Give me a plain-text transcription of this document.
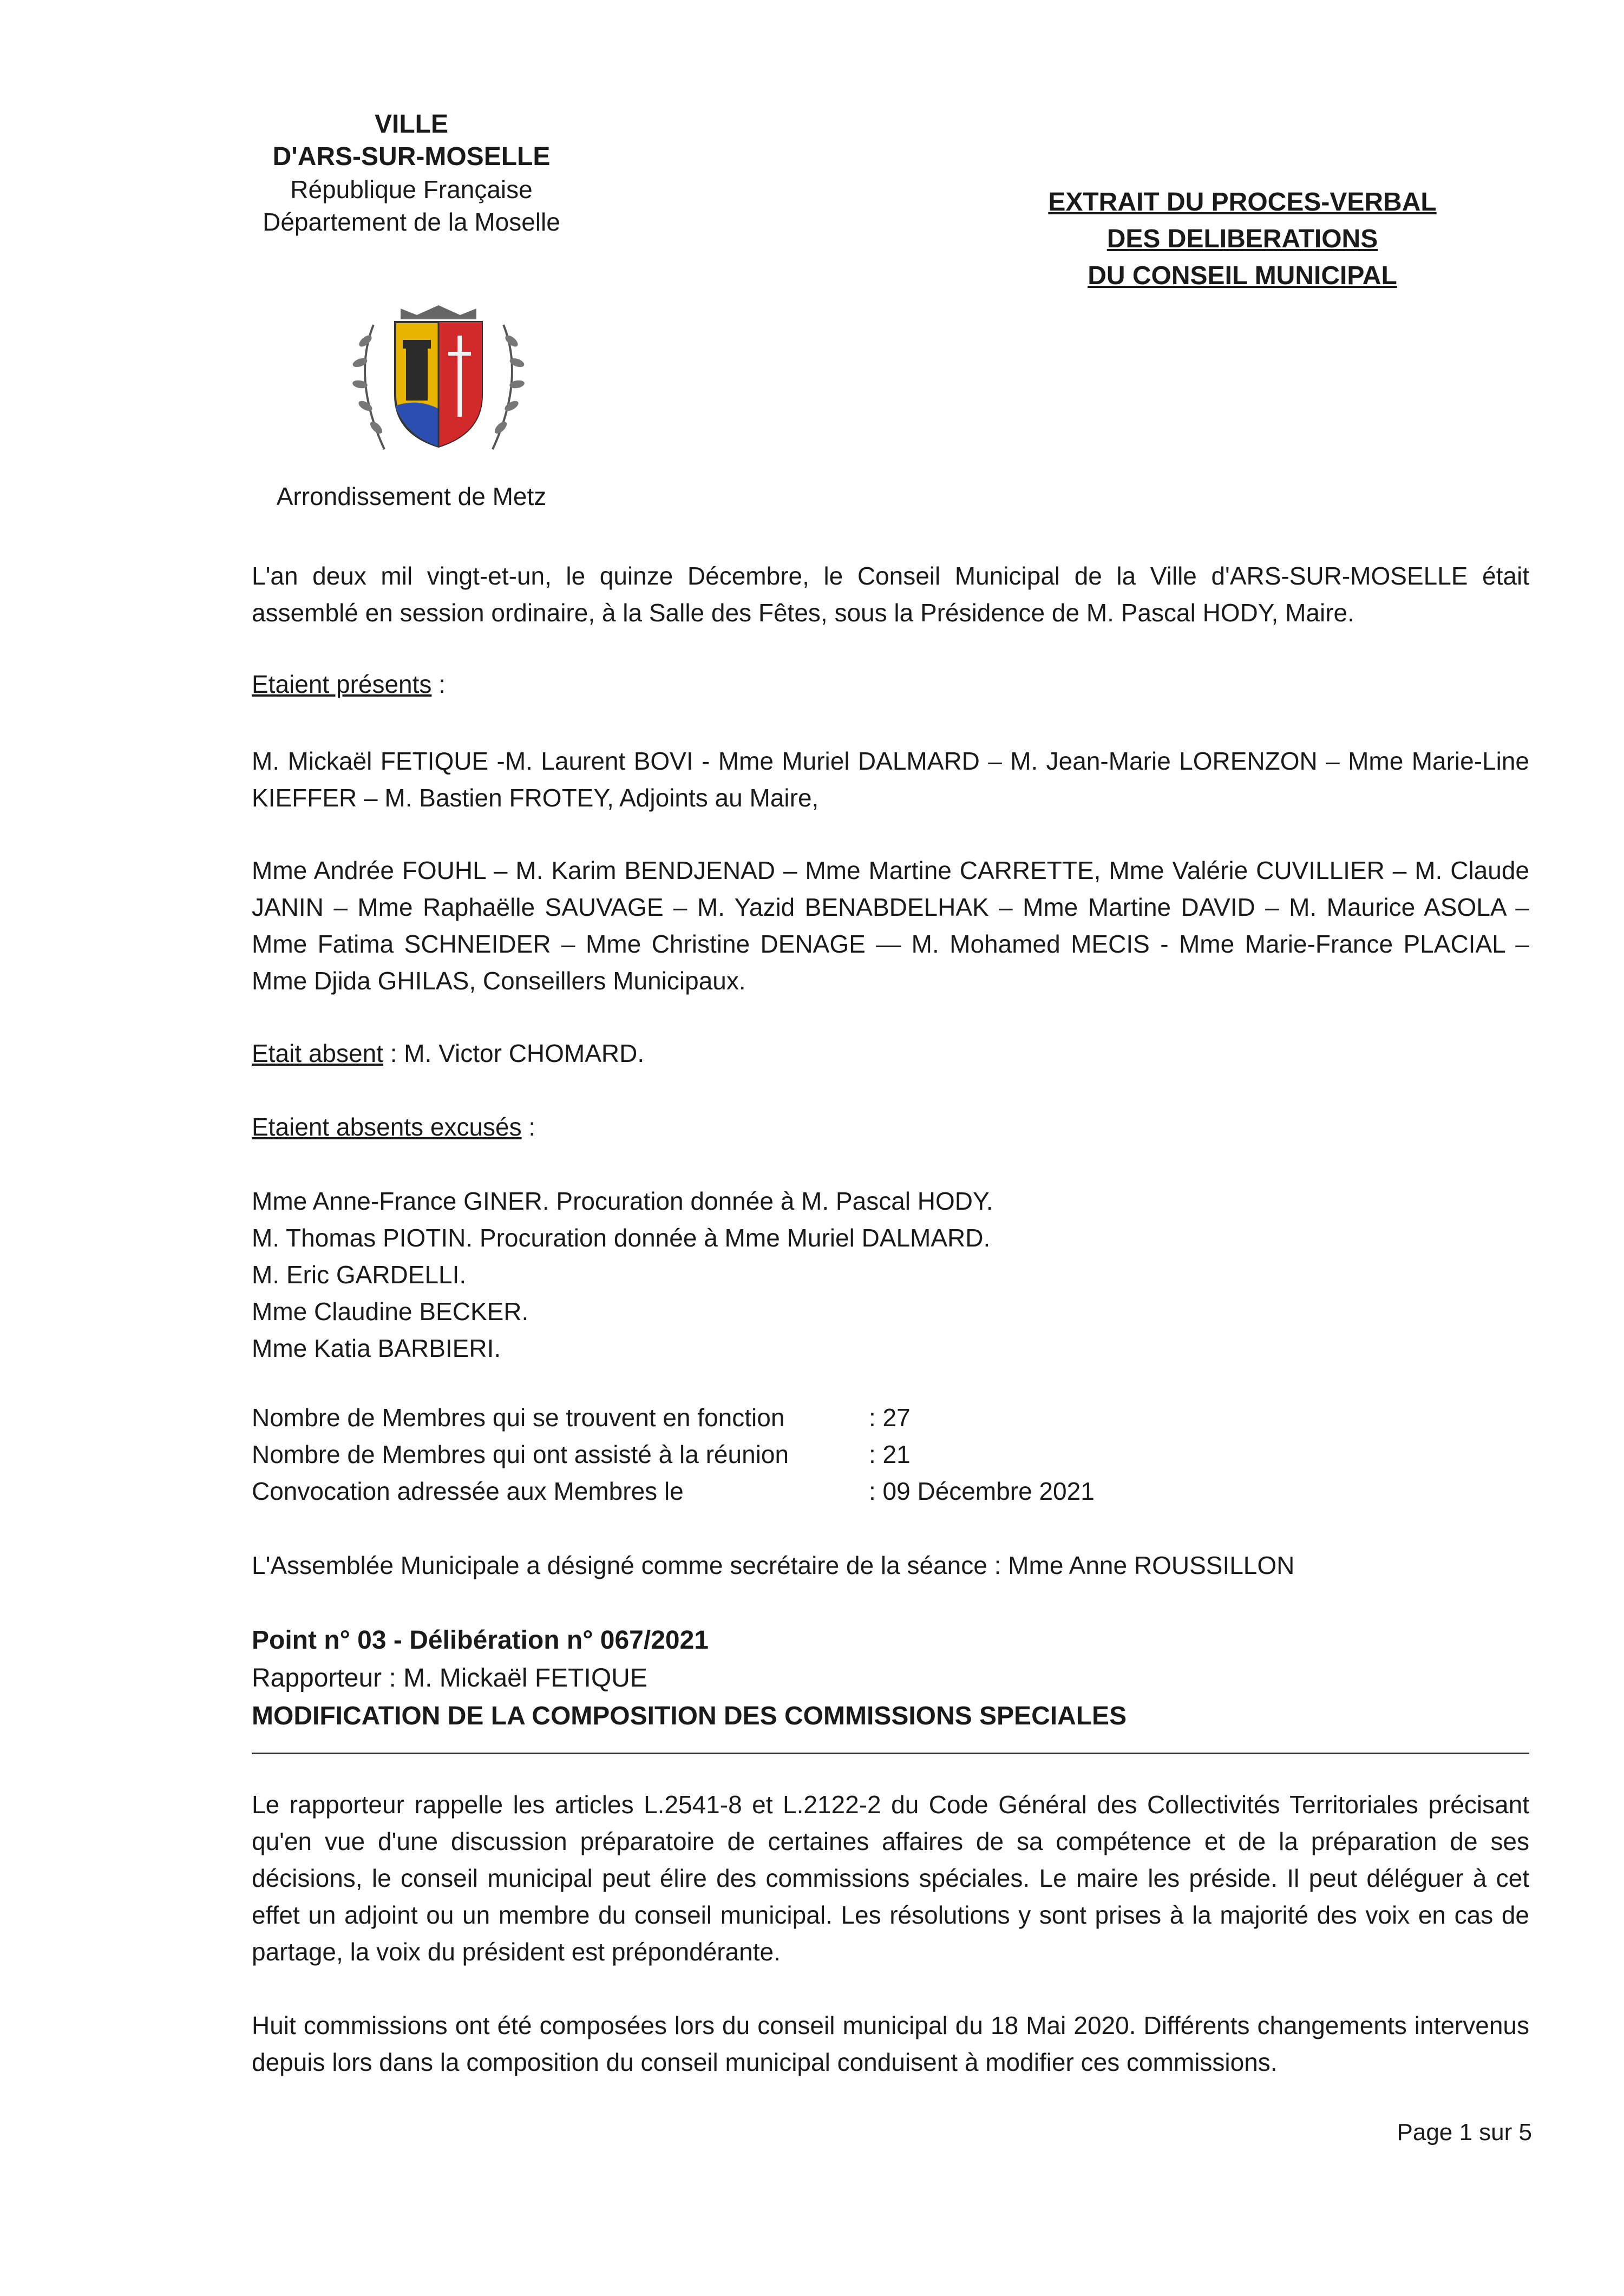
VILLE
D'ARS-SUR-MOSELLE
République Française
Département de la Moselle
EXTRAIT DU PROCES-VERBAL
DES DELIBERATIONS
DU CONSEIL MUNICIPAL
Arrondissement de Metz
L'an deux mil vingt-et-un, le quinze Décembre, le Conseil Municipal de la Ville d'ARS-SUR-MOSELLE était assemblé en session ordinaire, à la Salle des Fêtes, sous la Présidence de M. Pascal HODY, Maire.
Etaient présents :
M. Mickaël FETIQUE -M. Laurent BOVI - Mme Muriel DALMARD – M. Jean-Marie LORENZON – Mme Marie-Line KIEFFER – M. Bastien FROTEY, Adjoints au Maire,
Mme Andrée FOUHL – M. Karim BENDJENAD – Mme Martine CARRETTE, Mme Valérie CUVILLIER – M. Claude JANIN – Mme Raphaëlle SAUVAGE – M. Yazid BENABDELHAK – Mme Martine DAVID – M. Maurice ASOLA – Mme Fatima SCHNEIDER – Mme Christine DENAGE — M. Mohamed MECIS - Mme Marie-France PLACIAL – Mme Djida GHILAS, Conseillers Municipaux.
Etait absent : M. Victor CHOMARD.
Etaient absents excusés :
Mme Anne-France GINER. Procuration donnée à M. Pascal HODY.
M. Thomas PIOTIN. Procuration donnée à Mme Muriel DALMARD.
M. Eric GARDELLI.
Mme Claudine BECKER.
Mme Katia BARBIERI.
Nombre de Membres qui se trouvent en fonction	: 27
Nombre de Membres qui ont assisté à la réunion	: 21
Convocation adressée aux Membres le	: 09 Décembre 2021
L'Assemblée Municipale a désigné comme secrétaire de la séance : Mme Anne ROUSSILLON
Point n° 03 - Délibération n° 067/2021
Rapporteur : M. Mickaël FETIQUE
MODIFICATION DE LA COMPOSITION DES COMMISSIONS SPECIALES
Le rapporteur rappelle les articles L.2541-8 et L.2122-2 du Code Général des Collectivités Territoriales précisant qu'en vue d'une discussion préparatoire de certaines affaires de sa compétence et de la préparation de ses décisions, le conseil municipal peut élire des commissions spéciales. Le maire les préside. Il peut déléguer à cet effet un adjoint ou un membre du conseil municipal. Les résolutions y sont prises à la majorité des voix en cas de partage, la voix du président est prépondérante.
Huit commissions ont été composées lors du conseil municipal du 18 Mai 2020. Différents changements intervenus depuis lors dans la composition du conseil municipal conduisent à modifier ces commissions.
Page 1 sur 5
